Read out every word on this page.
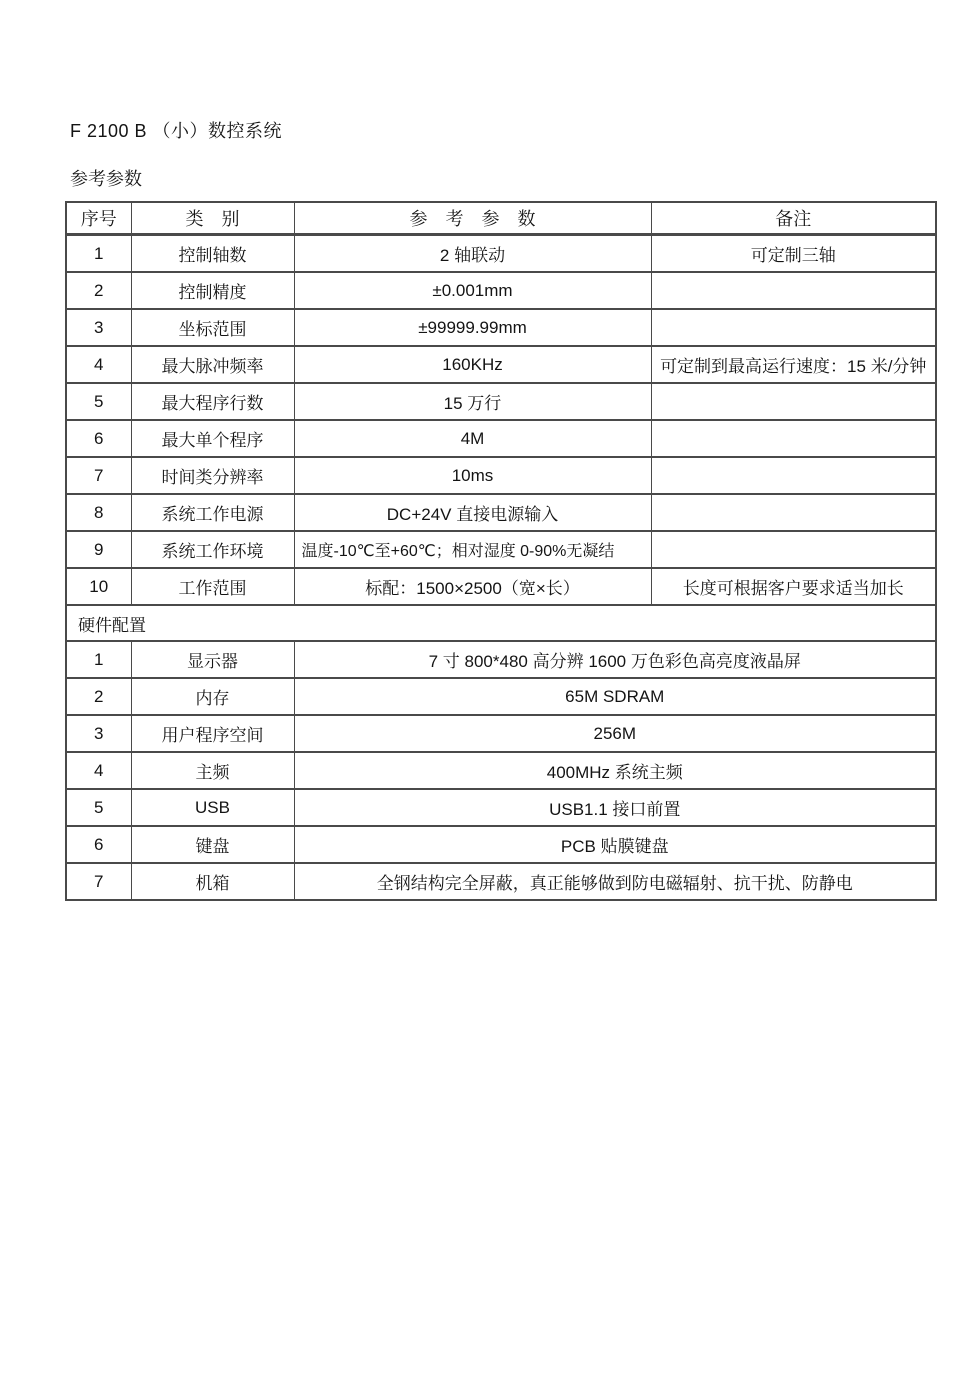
F 2100 B （小）数控系统
参考参数
序号	类　别	参　考　参　数	备注
1	控制轴数	2 轴联动	可定制三轴
2	控制精度	±0.001mm	
3	坐标范围	±99999.99mm	
4	最大脉冲频率	160KHz	可定制到最高运行速度：15 米/分钟
5	最大程序行数	15 万行	
6	最大单个程序	4M	
7	时间类分辨率	10ms	
8	系统工作电源	DC+24V 直接电源输入	
9	系统工作环境	温度-10℃至+60℃；相对湿度 0-90%无凝结	
10	工作范围	标配：1500×2500（宽×长）	长度可根据客户要求适当加长
硬件配置			
1	显示器	7 寸 800*480 高分辨 1600 万色彩色高亮度液晶屏	
2	内存	65M SDRAM	
3	用户程序空间	256M	
4	主频	400MHz 系统主频	
5	USB	USB1.1 接口前置	
6	键盘	PCB 贴膜键盘	
7	机箱	全钢结构完全屏蔽，真正能够做到防电磁辐射、抗干扰、防静电	
